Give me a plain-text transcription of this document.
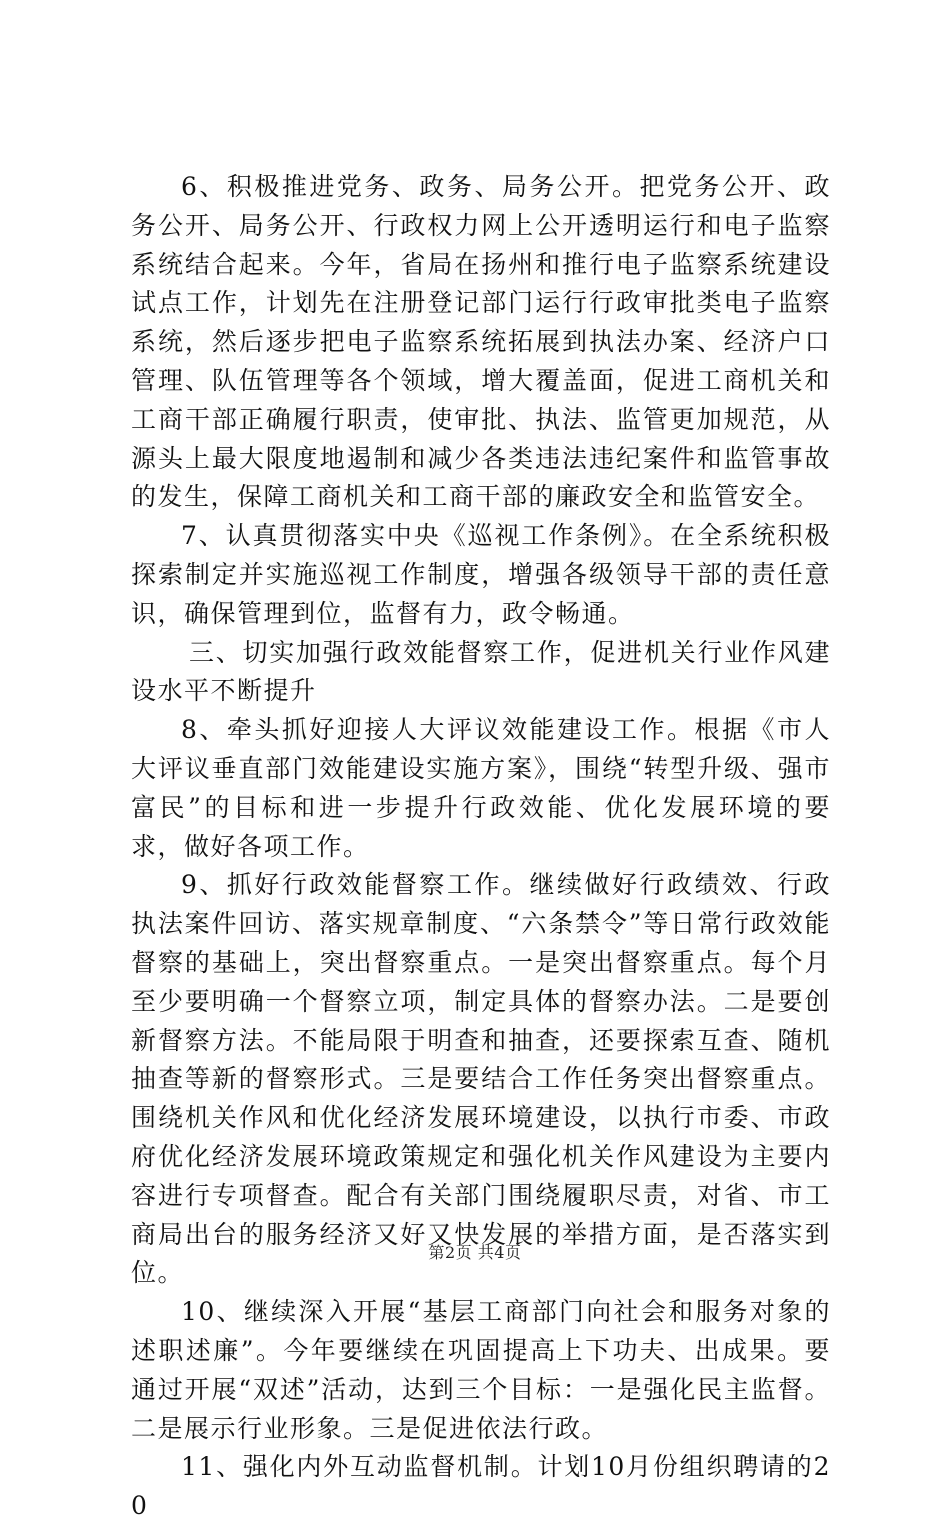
6、积极推进党务、政务、局务公开。把党务公开、政务公开、局务公开、行政权力网上公开透明运行和电子监察系统结合起来。今年，省局在扬州和推行电子监察系统建设试点工作，计划先在注册登记部门运行行政审批类电子监察系统，然后逐步把电子监察系统拓展到执法办案、经济户口管理、队伍管理等各个领域，增大覆盖面，促进工商机关和工商干部正确履行职责，使审批、执法、监管更加规范，从源头上最大限度地遏制和减少各类违法违纪案件和监管事故的发生，保障工商机关和工商干部的廉政安全和监管安全。

7、认真贯彻落实中央《巡视工作条例》。在全系统积极探索制定并实施巡视工作制度，增强各级领导干部的责任意识，确保管理到位，监督有力，政令畅通。

三、切实加强行政效能督察工作，促进机关行业作风建设水平不断提升

8、牵头抓好迎接人大评议效能建设工作。根据《市人大评议垂直部门效能建设实施方案》，围绕“转型升级、强市富民”的目标和进一步提升行政效能、优化发展环境的要求，做好各项工作。

9、抓好行政效能督察工作。继续做好行政绩效、行政执法案件回访、落实规章制度、“六条禁令”等日常行政效能督察的基础上，突出督察重点。一是突出督察重点。每个月至少要明确一个督察立项，制定具体的督察办法。二是要创新督察方法。不能局限于明查和抽查，还要探索互查、随机抽查等新的督察形式。三是要结合工作任务突出督察重点。围绕机关作风和优化经济发展环境建设，以执行市委、市政府优化经济发展环境政策规定和强化机关作风建设为主要内容进行专项督查。配合有关部门围绕履职尽责，对省、市工商局出台的服务经济又好又快发展的举措方面，是否落实到位。

10、继续深入开展“基层工商部门向社会和服务对象的述职述廉”。今年要继续在巩固提高上下功夫、出成果。要通过开展“双述”活动，达到三个目标：一是强化民主监督。二是展示行业形象。三是促进依法行政。

11、强化内外互动监督机制。计划10月份组织聘请的20

第2页 共4页
